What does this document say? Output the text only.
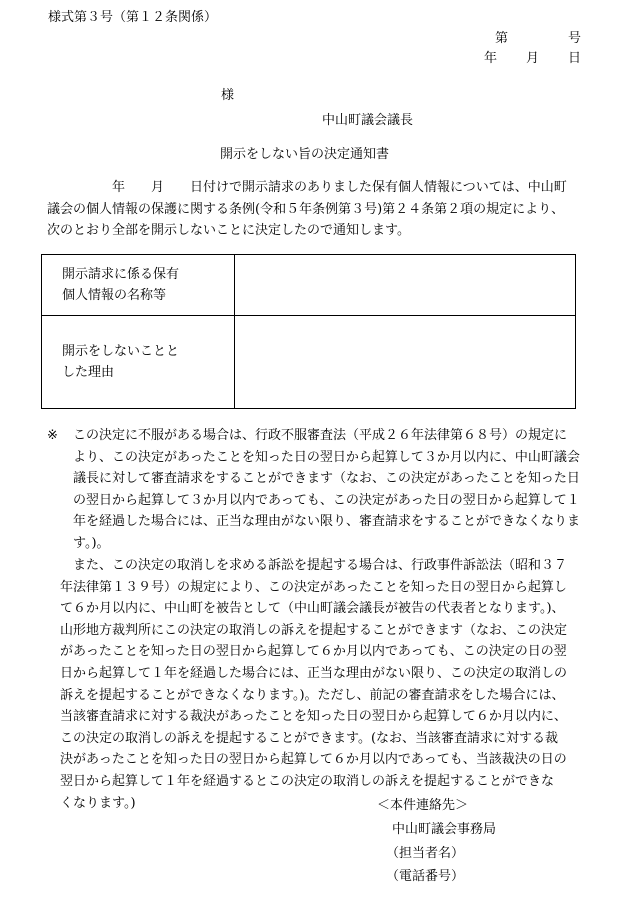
様式第３号（第１２条関係）
第	号
年 月 日
様
中山町議会議長
開示をしない旨の決定通知書
　　　　　年　　月　　日付けで開示請求のありました保有個人情報については、中山町
議会の個人情報の保護に関する条例(令和５年条例第３号)第２４条第２項の規定により、
次のとおり全部を開示しないことに決定したので通知します。
開示請求に係る保有
個人情報の名称等	

開示をしないことと
した理由	

※ この決定に不服がある場合は、行政不服審査法（平成２６年法律第６８号）の規定に
より、この決定があったことを知った日の翌日から起算して３か月以内に、中山町議会
議長に対して審査請求をすることができます（なお、この決定があったことを知った日
の翌日から起算して３か月以内であっても、この決定があった日の翌日から起算して１
年を経過した場合には、正当な理由がない限り、審査請求をすることができなくなりま
す。)。
　また、この決定の取消しを求める訴訟を提起する場合は、行政事件訴訟法（昭和３７
年法律第１３９号）の規定により、この決定があったことを知った日の翌日から起算し
て６か月以内に、中山町を被告として（中山町議会議長が被告の代表者となります。)、
山形地方裁判所にこの決定の取消しの訴えを提起することができます（なお、この決定
があったことを知った日の翌日から起算して６か月以内であっても、この決定の日の翌
日から起算して１年を経過した場合には、正当な理由がない限り、この決定の取消しの
訴えを提起することができなくなります。)。ただし、前記の審査請求をした場合には、
当該審査請求に対する裁決があったことを知った日の翌日から起算して６か月以内に、
この決定の取消しの訴えを提起することができます。(なお、当該審査請求に対する裁
決があったことを知った日の翌日から起算して６か月以内であっても、当該裁決の日の
翌日から起算して１年を経過するとこの決定の取消しの訴えを提起することができな
くなります。)	＜本件連絡先＞
中山町議会事務局
（担当者名）
（電話番号）
